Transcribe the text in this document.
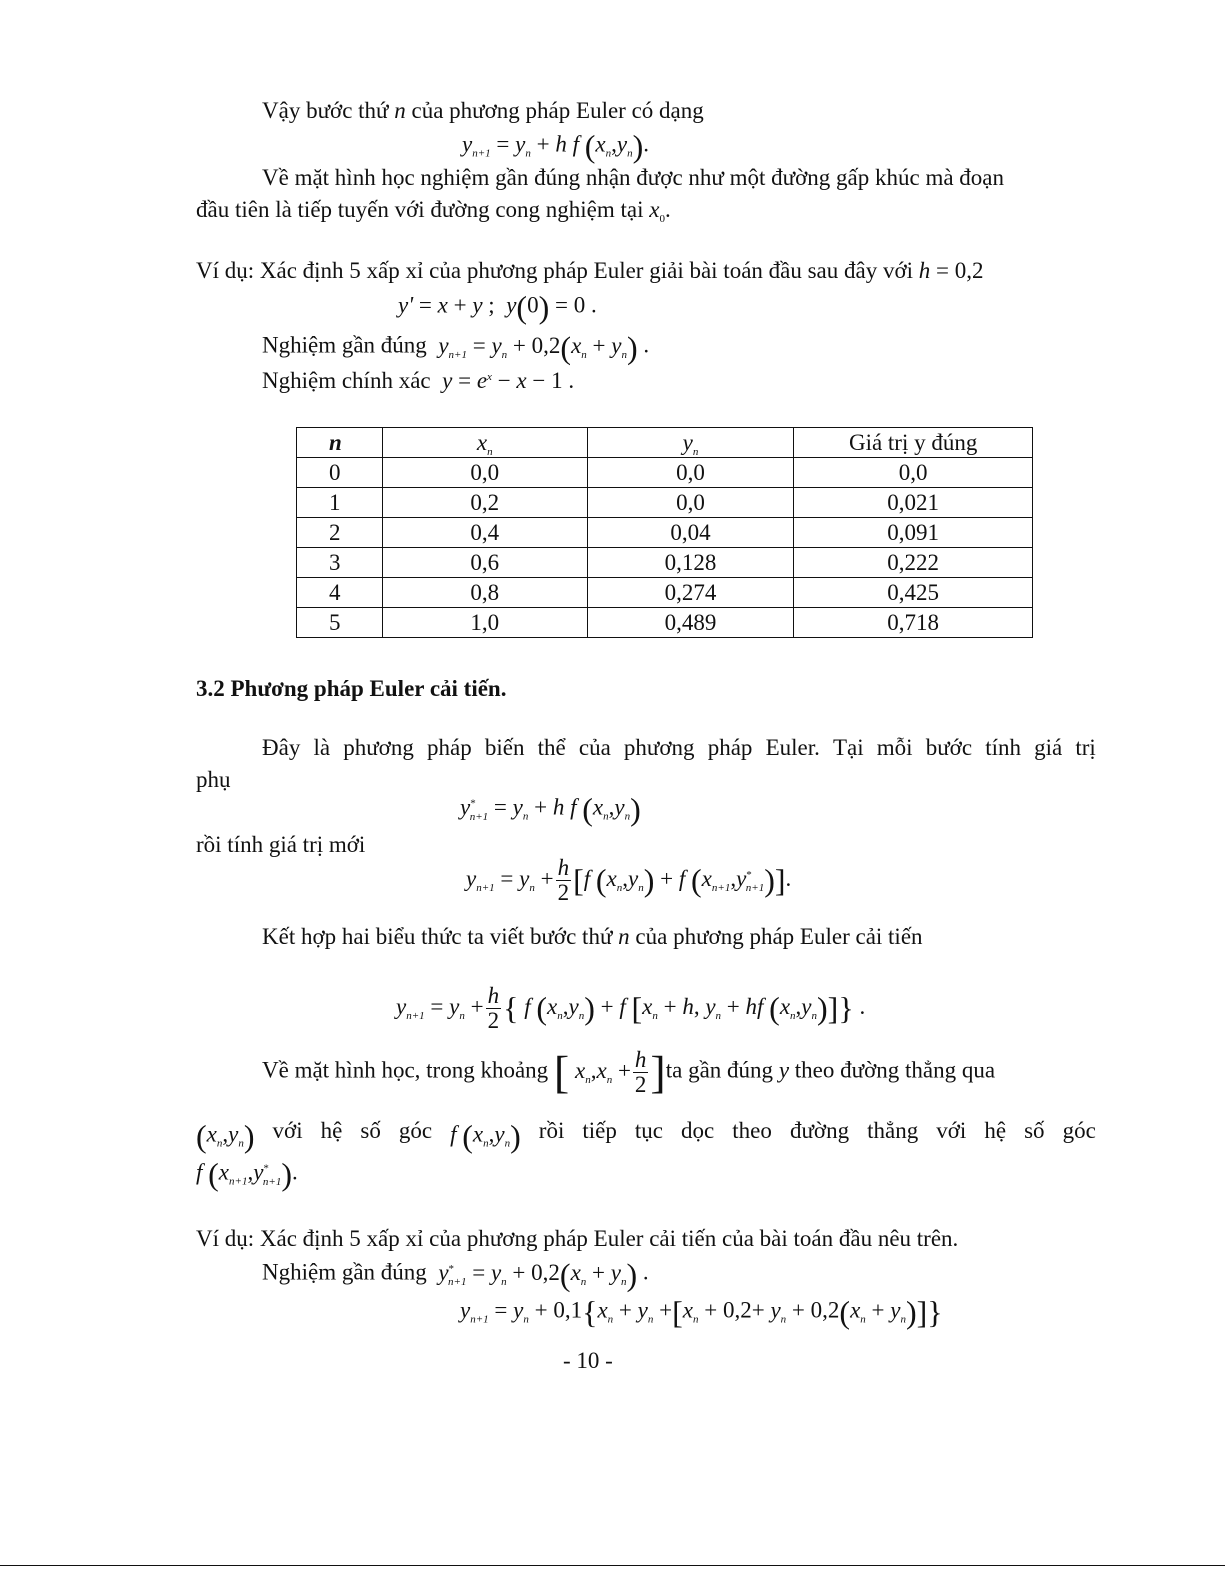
Vậy bước thứ n của phương pháp Euler có dạng
$y_{n+1} = y_n + h$ f $(x_n,y_n)$.
Về mặt hình học nghiệm gần đúng nhận được như một đường gấp khúc mà đoạn
đầu tiên là tiếp tuyến với đường cong nghiệm tại $x_0$.
Ví dụ: Xác định 5 xấp xỉ của phương pháp Euler giải bài toán đầu sau đây với h = 0,2
y' = x + y ;  y(0) = 0 .
Nghiệm gần đúng $y_{n+1} = y_n + 0,2(x_n + y_n)$ .
Nghiệm chính xác $y = e^x - x - 1$ .
n	$x_n$	$y_n$	Giá trị y đúng
0	0,0	0,0	0,0
1	0,2	0,0	0,021
2	0,4	0,04	0,091
3	0,6	0,128	0,222
4	0,8	0,274	0,425
5	1,0	0,489	0,718
3.2 Phương pháp Euler cải tiến.
Đây là phương pháp biến thể của phương pháp Euler. Tại mỗi bước tính giá trị
phụ
$y^*_{n+1} = y_n + h$ f $(x_n,y_n)$
rồi tính giá trị mới
$y_{n+1} = y_n + \frac{h}{2} [f$ $(x_n,y_n) + f$ $(x_{n+1},y^*_{n+1})$].
Kết hợp hai biểu thức ta viết bước thứ n của phương pháp Euler cải tiến
$y_{n+1} = y_n + \frac{h}{2}$ { f $(x_n,y_n) + f$ [$x_n + h$, $y_n$ + hf $(x_n,y_n)$]} .
Về mặt hình học, trong khoảng [ $x_n,x_n + \frac{h}{2} ]ta$ gần đúng y theo đường thẳng qua
$(x_n,y_n)$ với hệ số góc f $(x_n,y_n)$ rồi tiếp tục dọc theo đường thẳng với hệ số góc
f $(x_{n+1},y^*_{n+1})$.
Ví dụ: Xác định 5 xấp xỉ của phương pháp Euler cải tiến của bài toán đầu nêu trên.
Nghiệm gần đúng $y^*_{n+1} = y_n + 0,2(x_n + y_n)$ .
$y_{n+1} = y_n + 0,1\{x_n + y_n +[x_n + 0,2+ y_n + 0,2(x_n + y_n)]\}$
- 10 -
